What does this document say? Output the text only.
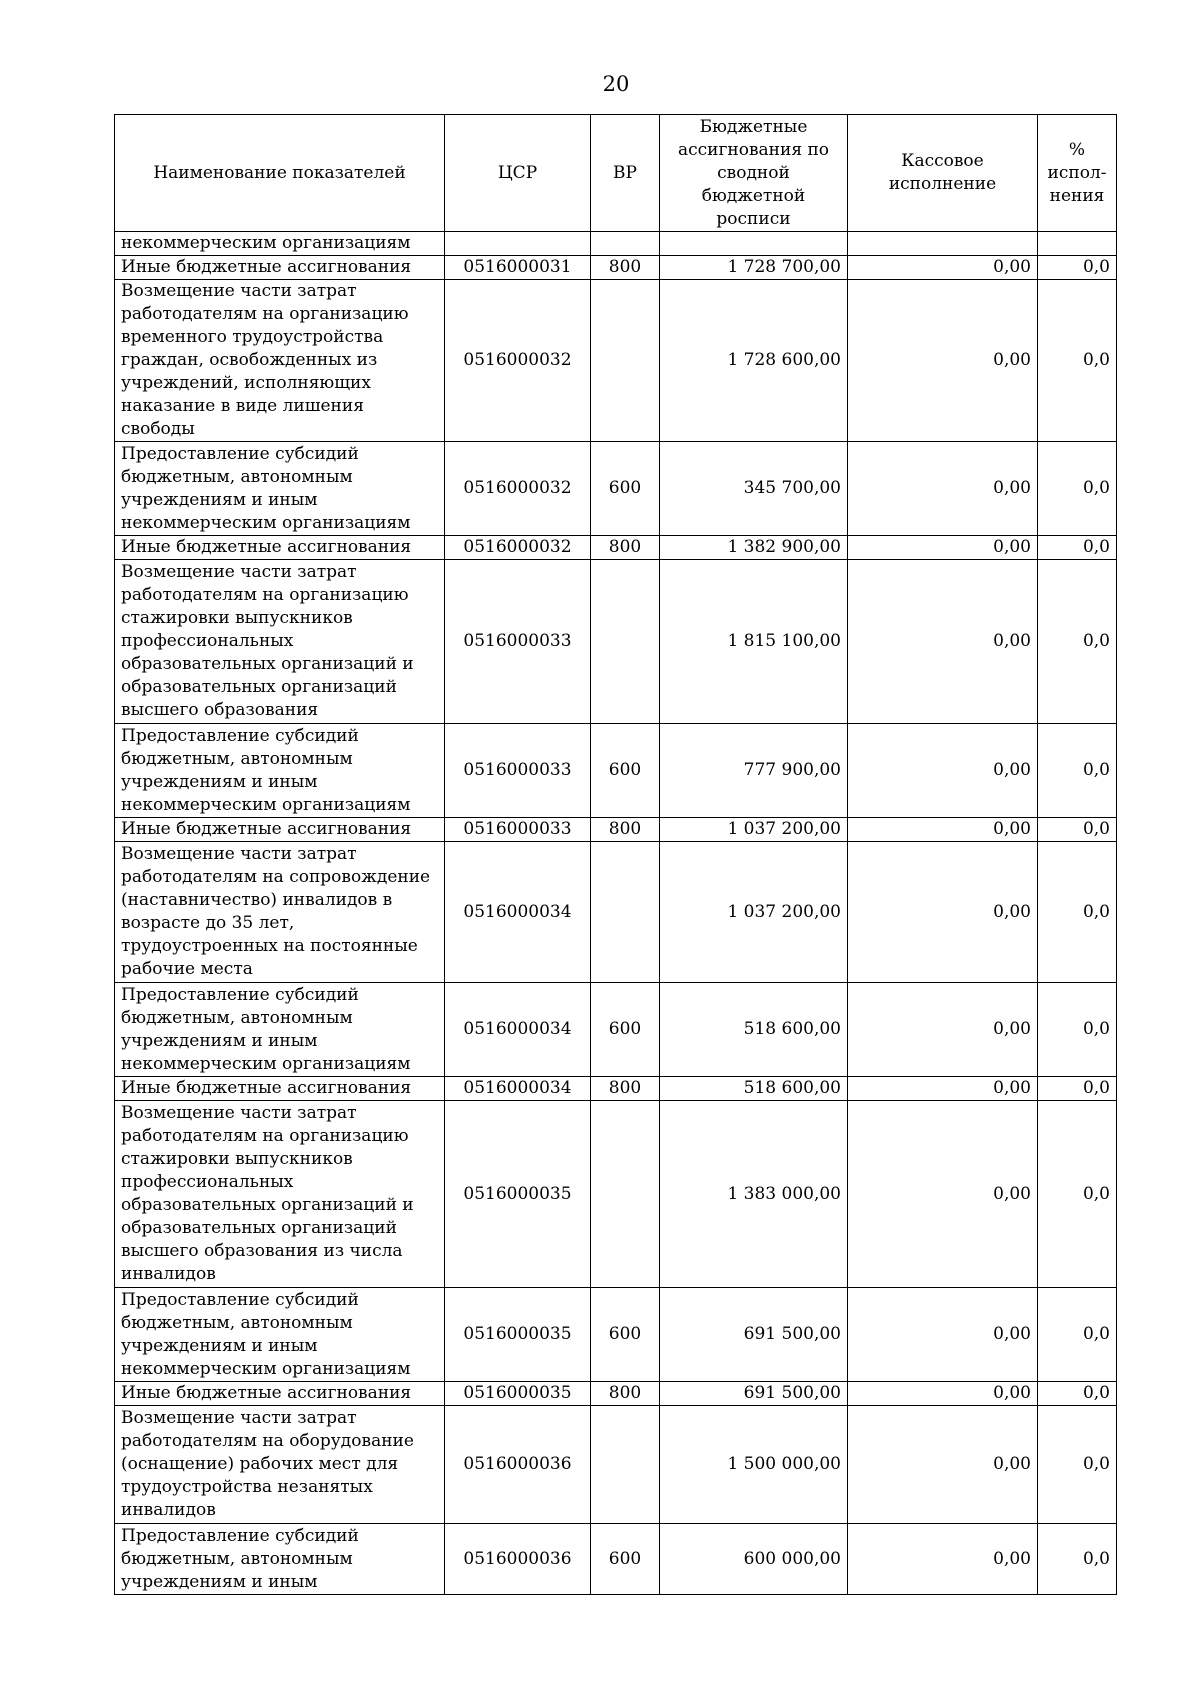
20
Наименование показателей	ЦСР	ВР	Бюджетные ассигнования по сводной бюджетной росписи	Кассовое исполнение	% испол-нения
некоммерческим организациям					
Иные бюджетные ассигнования	0516000031	800	1 728 700,00	0,00	0,0
Возмещение части затрат работодателям на организацию временного трудоустройства граждан, освобожденных из учреждений, исполняющих наказание в виде лишения свободы	0516000032		1 728 600,00	0,00	0,0
Предоставление субсидий бюджетным, автономным учреждениям и иным некоммерческим организациям	0516000032	600	345 700,00	0,00	0,0
Иные бюджетные ассигнования	0516000032	800	1 382 900,00	0,00	0,0
Возмещение части затрат работодателям на организацию стажировки выпускников профессиональных образовательных организаций и образовательных организаций высшего образования	0516000033		1 815 100,00	0,00	0,0
Предоставление субсидий бюджетным, автономным учреждениям и иным некоммерческим организациям	0516000033	600	777 900,00	0,00	0,0
Иные бюджетные ассигнования	0516000033	800	1 037 200,00	0,00	0,0
Возмещение части затрат работодателям на сопровождение (наставничество) инвалидов в возрасте до 35 лет, трудоустроенных на постоянные рабочие места	0516000034		1 037 200,00	0,00	0,0
Предоставление субсидий бюджетным, автономным учреждениям и иным некоммерческим организациям	0516000034	600	518 600,00	0,00	0,0
Иные бюджетные ассигнования	0516000034	800	518 600,00	0,00	0,0
Возмещение части затрат работодателям на организацию стажировки выпускников профессиональных образовательных организаций и образовательных организаций высшего образования из числа инвалидов	0516000035		1 383 000,00	0,00	0,0
Предоставление субсидий бюджетным, автономным учреждениям и иным некоммерческим организациям	0516000035	600	691 500,00	0,00	0,0
Иные бюджетные ассигнования	0516000035	800	691 500,00	0,00	0,0
Возмещение части затрат работодателям на оборудование (оснащение) рабочих мест для трудоустройства незанятых инвалидов	0516000036		1 500 000,00	0,00	0,0
Предоставление субсидий бюджетным, автономным учреждениям и иным	0516000036	600	600 000,00	0,00	0,0
